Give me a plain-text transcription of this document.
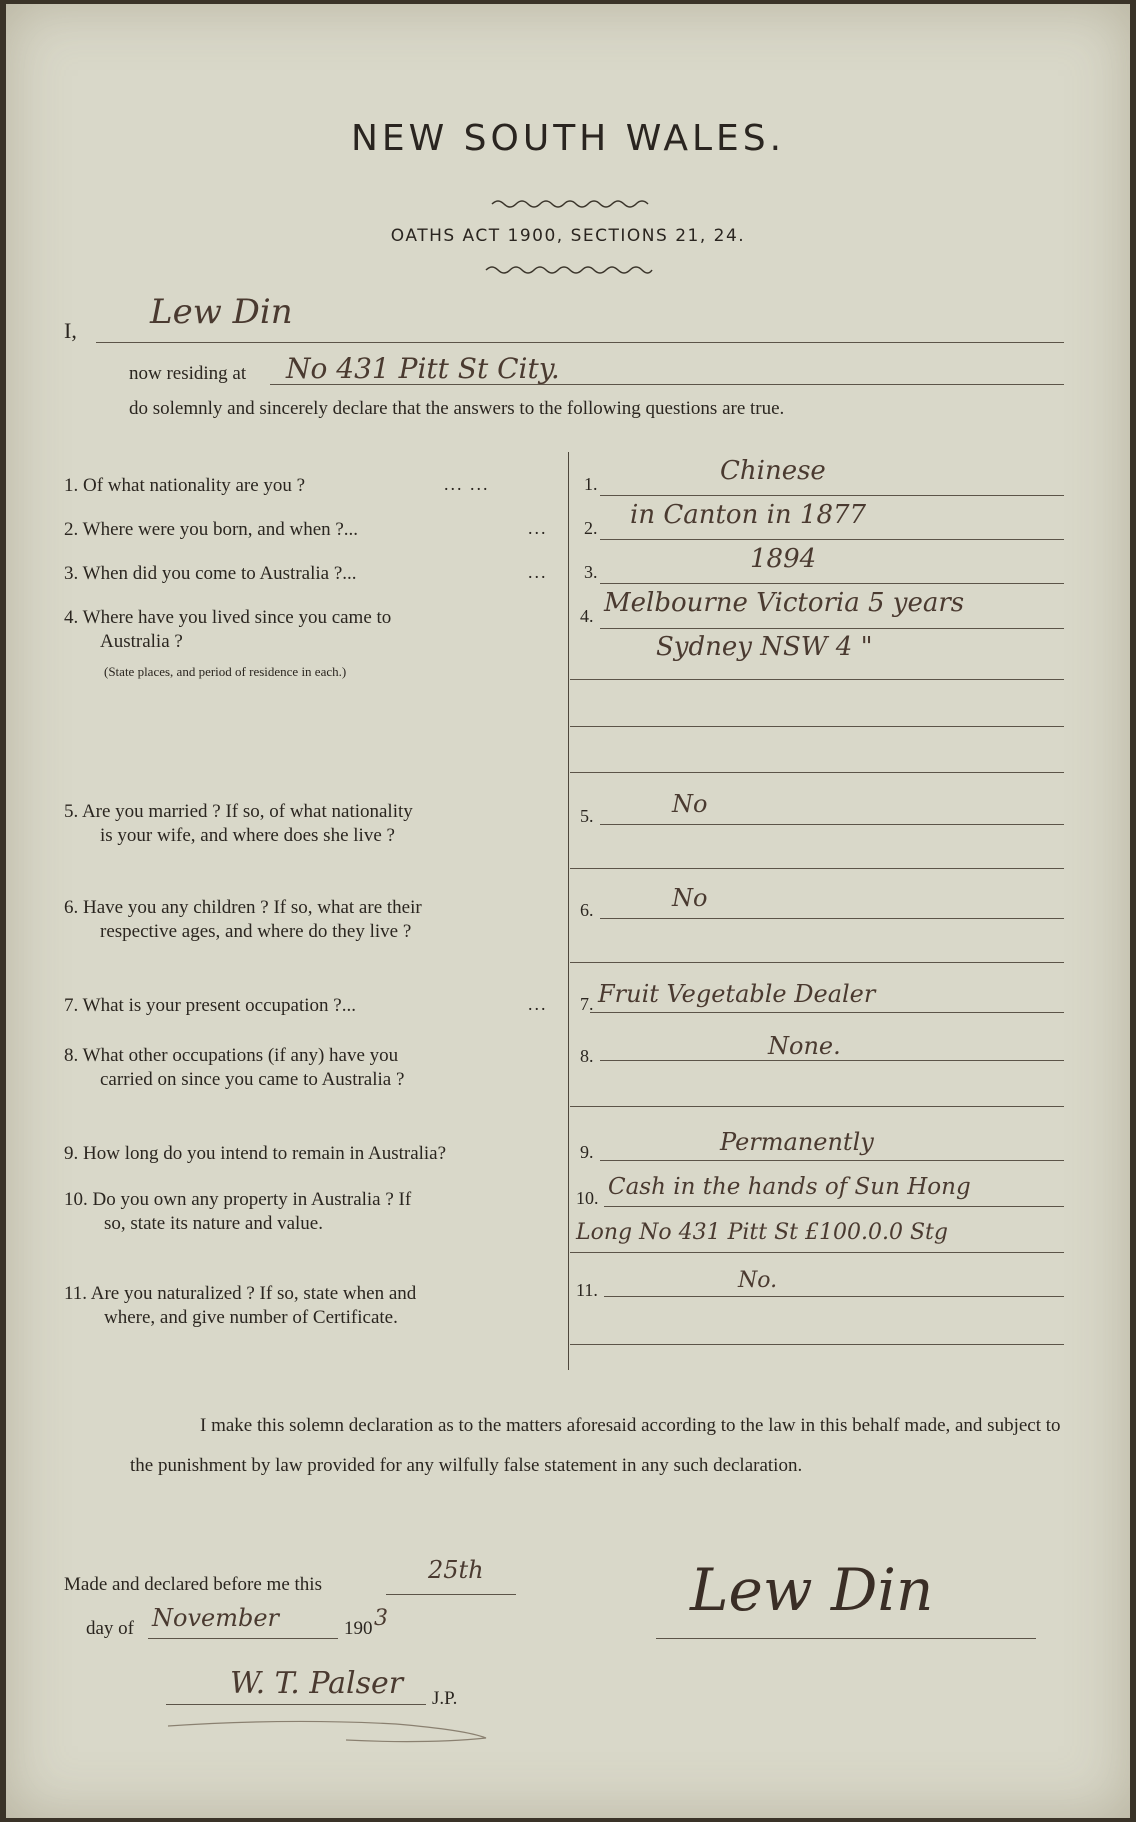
NEW SOUTH WALES.
OATHS ACT 1900, SECTIONS 21, 24.
I, Lew Din
now residing at No 431 Pitt St City.
do solemnly and sincerely declare that the answers to the following questions are true.
1. Of what nationality are you ?	... ...	1.	Chinese
2. Where were you born, and when ?...	... 2. in Canton in 1877
3. When did you come to Australia ?...	... 3.	1894
4. Where have you lived since you came to
Australia ?
(State places, and period of residence in each.)
4. Melbourne Victoria 5 years
Sydney NSW 4 "
5. Are you married ? If so, of what nationality
is your wife, and where does she live ?
5.	No
6. Have you any children ? If so, what are their
respective ages, and where do they live ?
6.	No
7. What is your present occupation ?...	... 7. Fruit Vegetable Dealer
8. What other occupations (if any) have you
carried on since you came to Australia ?
8.	None.
9. How long do you intend to remain in Australia?	9.	Permanently
10. Do you own any property in Australia ? If
so, state its nature and value.
10. Cash in the hands of Sun Hong
Long No 431 Pitt St £100.0.0 Stg
11. Are you naturalized ? If so, state when and
where, and give number of Certificate.
11.	No.
I make this solemn declaration as to the matters aforesaid according to the law in this behalf made, and subject to the punishment by law provided for any wilfully false statement in any such declaration.
Made and declared before me this
25th
day of November	190 3
W. T. Palser J.P.
Lew Din
